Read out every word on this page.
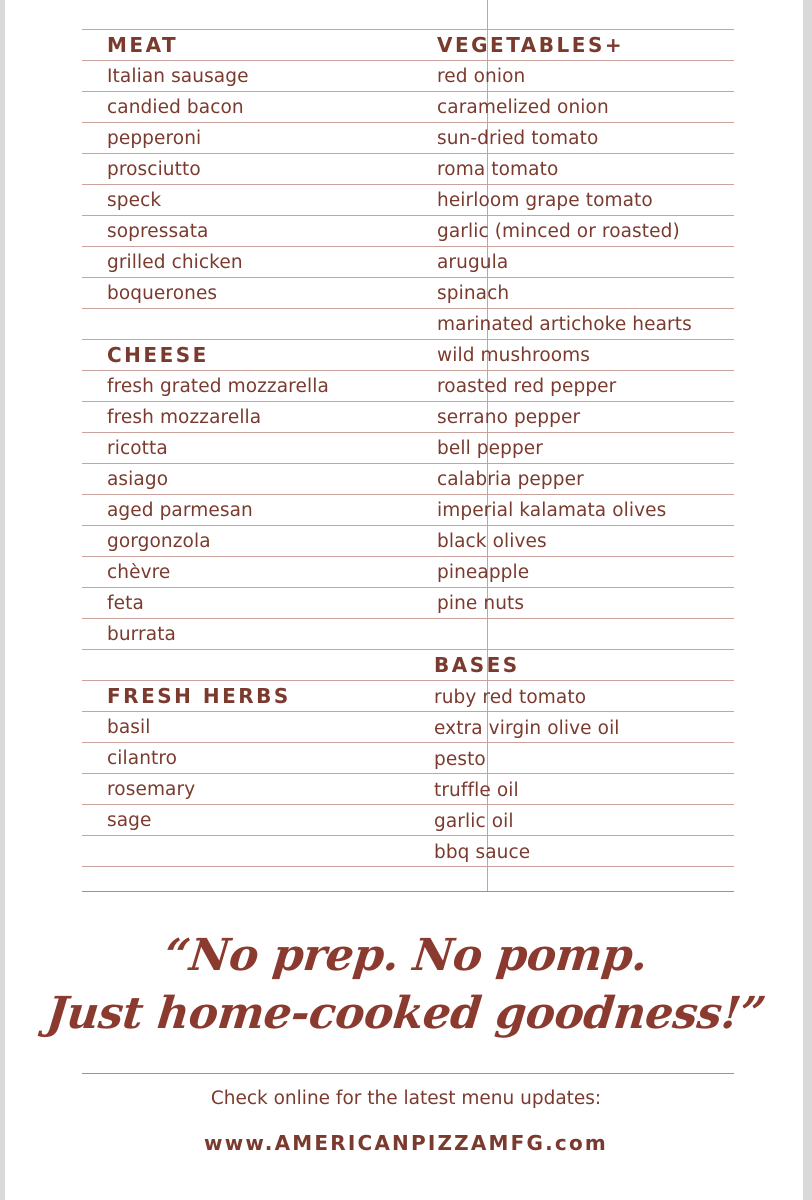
MEAT
Italian sausage
candied bacon
pepperoni
prosciutto
speck
sopressata
grilled chicken
boquerones
CHEESE
fresh grated mozzarella
fresh mozzarella
ricotta
asiago
aged parmesan
gorgonzola
chèvre
feta
burrata
FRESH HERBS
basil
cilantro
rosemary
sage
VEGETABLES+
red onion
caramelized onion
sun-dried tomato
roma tomato
heirloom grape tomato
garlic (minced or roasted)
arugula
spinach
marinated artichoke hearts
wild mushrooms
roasted red pepper
serrano pepper
bell pepper
calabria pepper
imperial kalamata olives
black olives
pineapple
pine nuts
BASES
ruby red tomato
extra virgin olive oil
pesto
truffle oil
garlic oil
bbq sauce
“No prep. No pomp.
Just home-cooked goodness!”
Check online for the latest menu updates:
www.AMERICANPIZZAMFG.com
